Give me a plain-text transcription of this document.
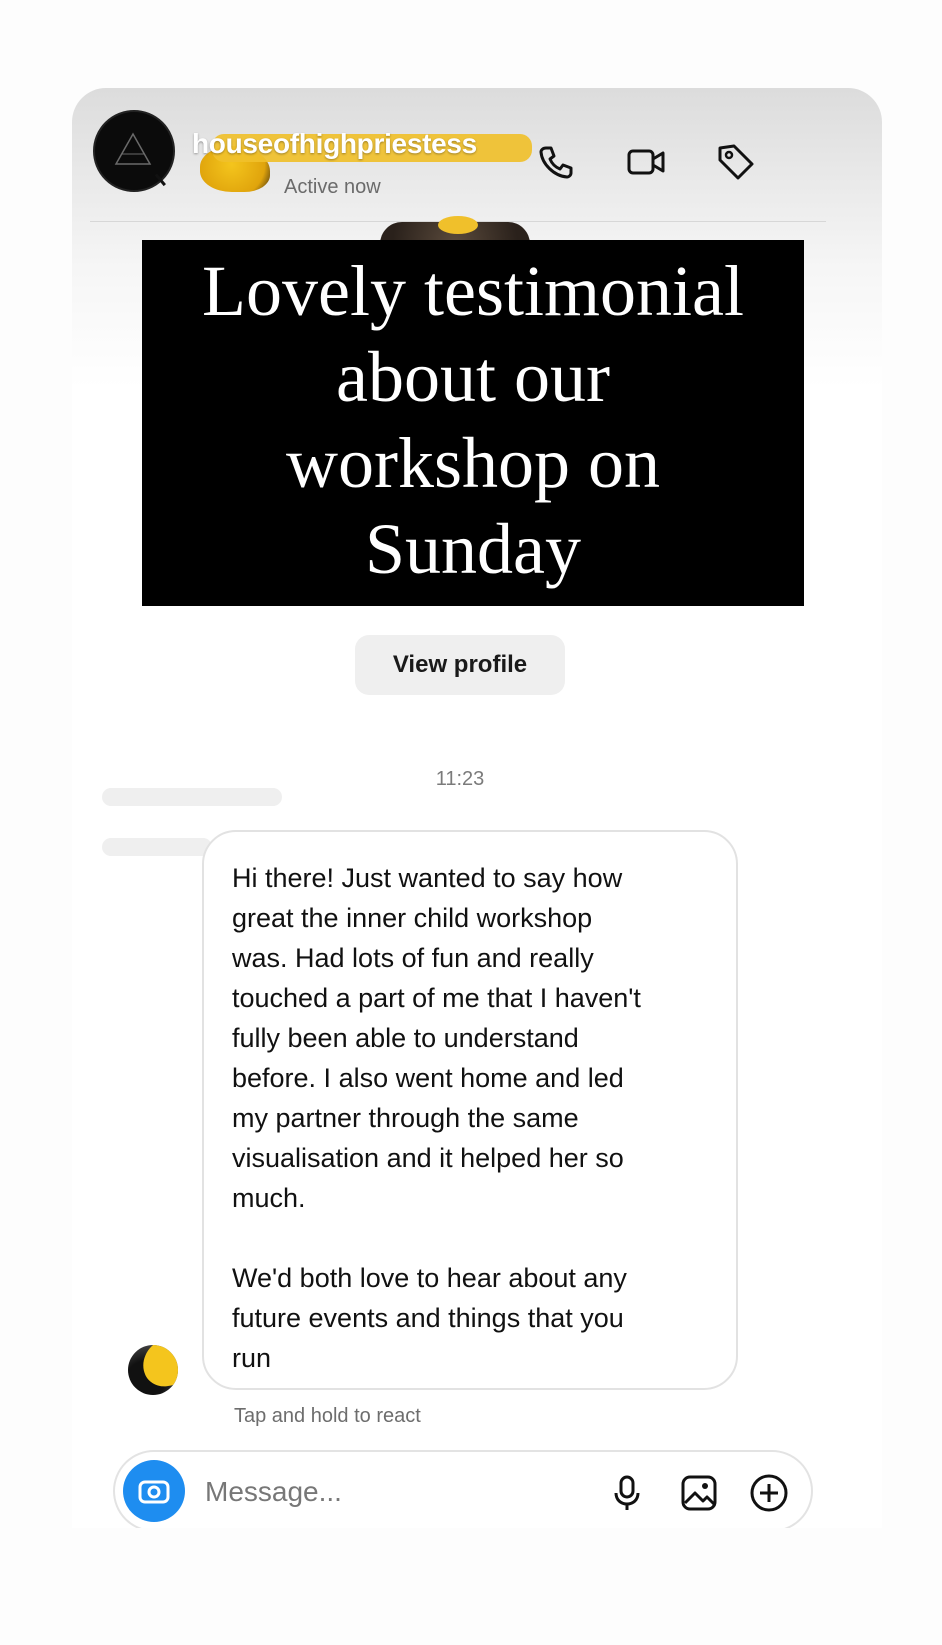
houseofhighpriestess
Active now
View profile
11:23
Hi there! Just wanted to say how
great the inner child workshop
was. Had lots of fun and really
touched a part of me that I haven't
fully been able to understand
before. I also went home and led
my partner through the same
visualisation and it helped her so
much.

We'd both love to hear about any
future events and things that you
run
Tap and hold to react
Message...
Lovely testimonial
about our
workshop on
Sunday
